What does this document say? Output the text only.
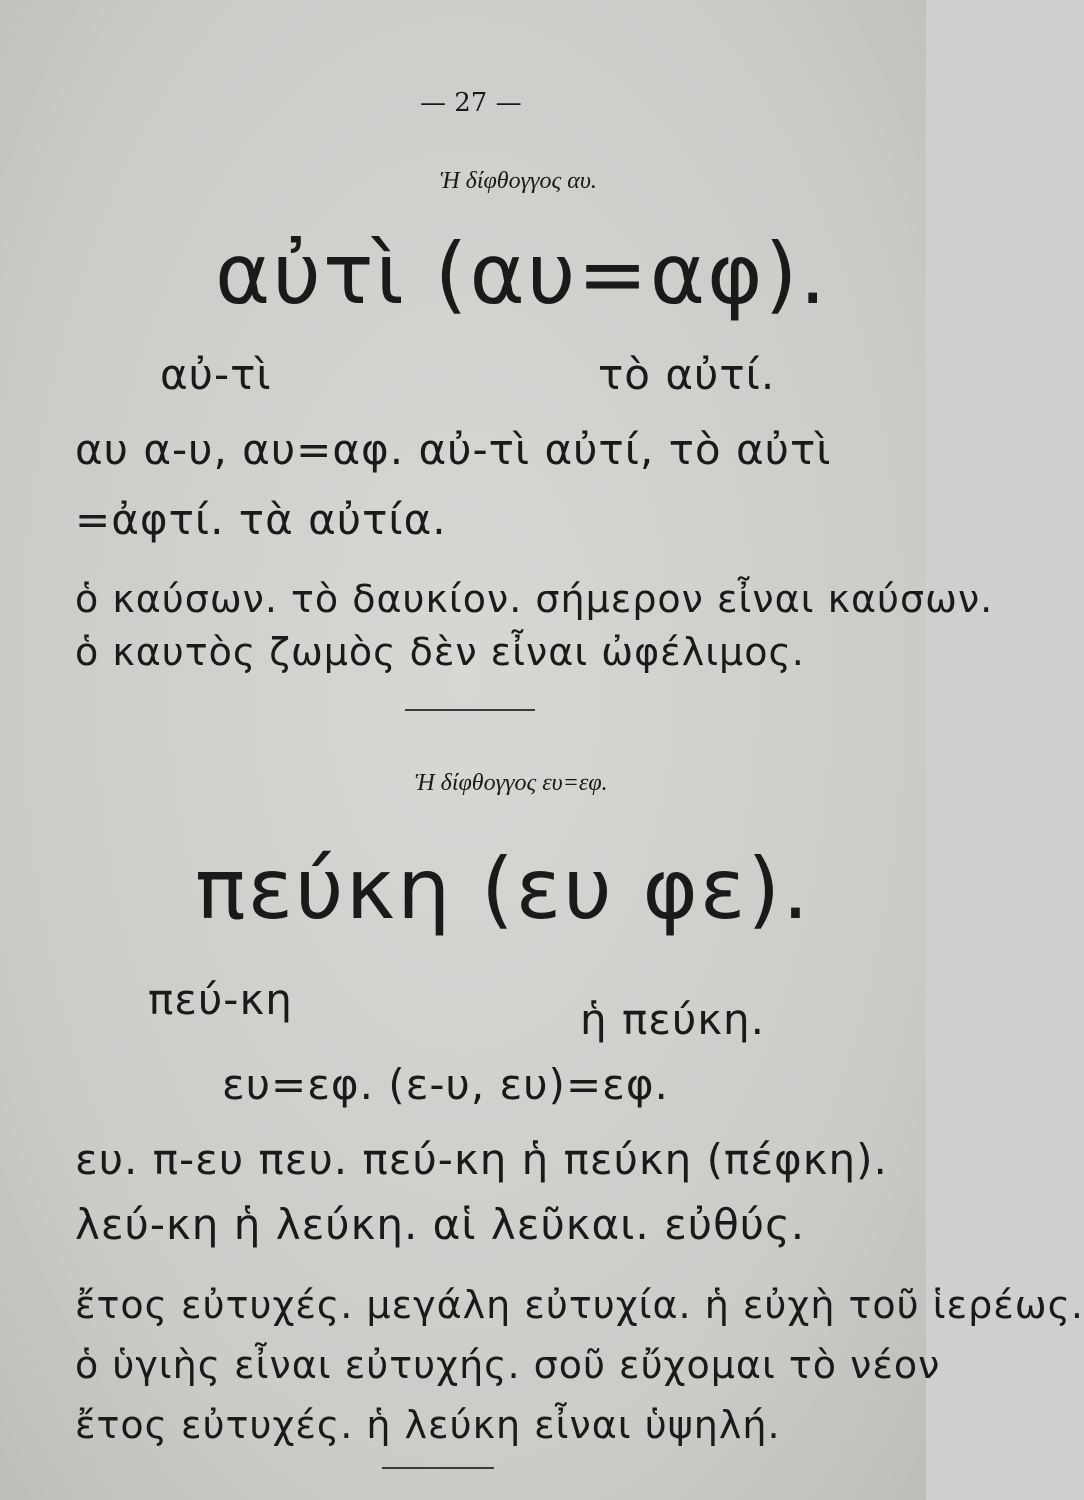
— 27 —
Ἡ δίφθογγος αυ.
αὐτὶ (αυ=αφ).
αὐ-τὶ	τὸ αὐτί.
αυ α-υ, αυ=αφ. αὐ-τὶ αὐτί, τὸ αὐτὶ
=ἀφτί. τὰ αὐτία.
ὁ καύσων. τὸ δαυκίον. σήμερον εἶναι καύσων.
ὁ καυτὸς ζωμὸς δὲν εἶναι ὠφέλιμος.
Ἡ δίφθογγος ευ=εφ.
πεύκη (ευ φε).
πεύ-κη	ἡ πεύκη.
ευ=εφ. (ε-υ, ευ)=εφ.
ευ. π-ευ πευ. πεύ-κη ἡ πεύκη (πέφκη).
λεύ-κη ἡ λεύκη. αἱ λεῦκαι. εὐθύς.
ἔτος εὐτυχές. μεγάλη εὐτυχία. ἡ εὐχὴ τοῦ ἱερέως.
ὁ ὑγιὴς εἶναι εὐτυχής. σοῦ εὔχομαι τὸ νέον
ἔτος εὐτυχές. ἡ λεύκη εἶναι ὑψηλή.
